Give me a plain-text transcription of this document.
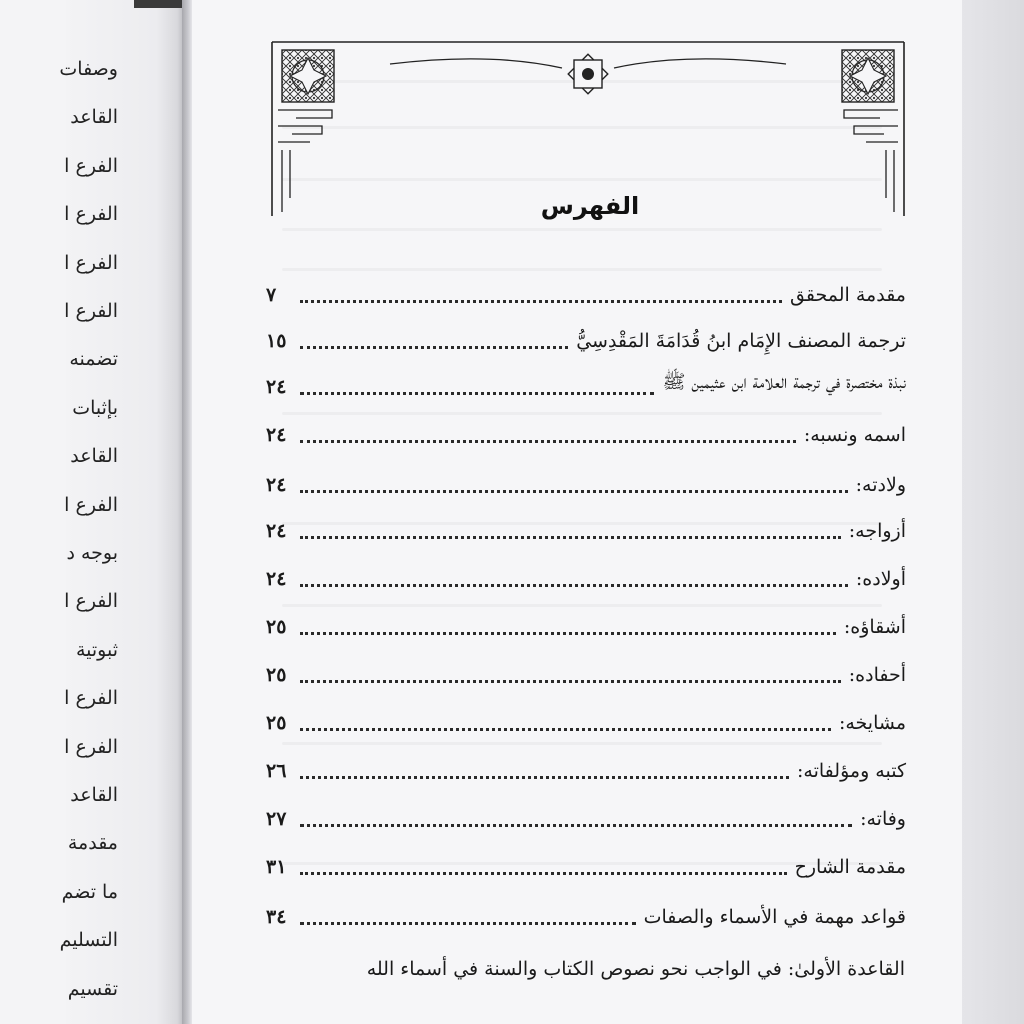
وصفات
القاعد
الفرع ا
الفرع ا
الفرع ا
الفرع ا
تضمنه
بإثبات
القاعد
الفرع ا
بوجه د
الفرع ا
ثبوتية
الفرع ا
الفرع ا
القاعد
مقدمة
ما تضم
التسليم
تقسيم
الفهرس
مقدمة المحقق
٧
ترجمة المصنف الإِمَام ابنُ قُدَامَةَ المَقْدِسِيُّ
١٥
نبذة مختصرة في ترجمة العلامة ابن عثيمين ﷺ
٢٤
اسمه ونسبه:
٢٤
ولادته:
٢٤
أزواجه:
٢٤
أولاده:
٢٤
أشقاؤه:
٢٥
أحفاده:
٢٥
مشايخه:
٢٥
كتبه ومؤلفاته:
٢٦
وفاته:
٢٧
مقدمة الشارح
٣١
قواعد مهمة في الأسماء والصفات
٣٤
القاعدة الأولىٰ: في الواجب نحو نصوص الكتاب والسنة في أسماء الله
